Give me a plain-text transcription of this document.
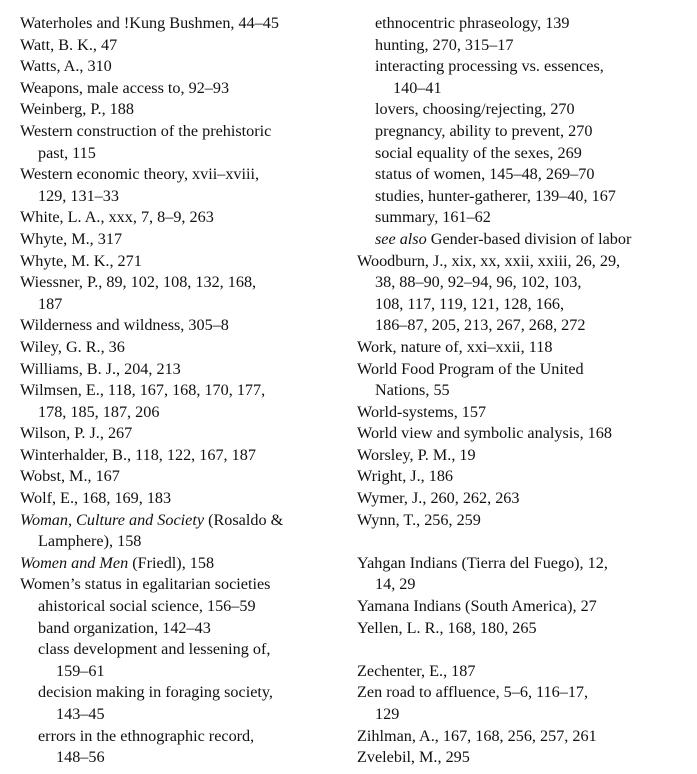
Waterholes and !Kung Bushmen, 44–45
Watt, B. K., 47
Watts, A., 310
Weapons, male access to, 92–93
Weinberg, P., 188
Western construction of the prehistoric
past, 115
Western economic theory, xvii–xviii,
129, 131–33
White, L. A., xxx, 7, 8–9, 263
Whyte, M., 317
Whyte, M. K., 271
Wiessner, P., 89, 102, 108, 132, 168,
187
Wilderness and wildness, 305–8
Wiley, G. R., 36
Williams, B. J., 204, 213
Wilmsen, E., 118, 167, 168, 170, 177,
178, 185, 187, 206
Wilson, P. J., 267
Winterhalder, B., 118, 122, 167, 187
Wobst, M., 167
Wolf, E., 168, 169, 183
Woman, Culture and Society (Rosaldo &
Lamphere), 158
Women and Men (Friedl), 158
Women’s status in egalitarian societies
ahistorical social science, 156–59
band organization, 142–43
class development and lessening of,
159–61
decision making in foraging society,
143–45
errors in the ethnographic record,
148–56
ethnocentric phraseology, 139
hunting, 270, 315–17
interacting processing vs. essences,
140–41
lovers, choosing/rejecting, 270
pregnancy, ability to prevent, 270
social equality of the sexes, 269
status of women, 145–48, 269–70
studies, hunter-gatherer, 139–40, 167
summary, 161–62
see also Gender-based division of labor
Woodburn, J., xix, xx, xxii, xxiii, 26, 29,
38, 88–90, 92–94, 96, 102, 103,
108, 117, 119, 121, 128, 166,
186–87, 205, 213, 267, 268, 272
Work, nature of, xxi–xxii, 118
World Food Program of the United
Nations, 55
World-systems, 157
World view and symbolic analysis, 168
Worsley, P. M., 19
Wright, J., 186
Wymer, J., 260, 262, 263
Wynn, T., 256, 259
Yahgan Indians (Tierra del Fuego), 12,
14, 29
Yamana Indians (South America), 27
Yellen, L. R., 168, 180, 265
Zechenter, E., 187
Zen road to affluence, 5–6, 116–17,
129
Zihlman, A., 167, 168, 256, 257, 261
Zvelebil, M., 295
